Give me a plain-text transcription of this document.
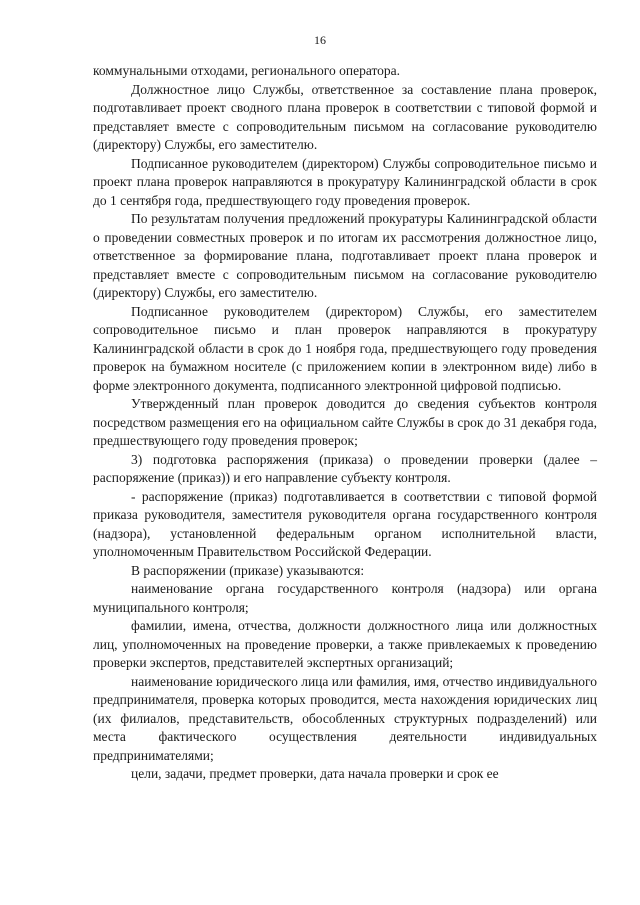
16

коммунальными отходами, регионального оператора.

Должностное лицо Службы, ответственное за составление плана проверок, подготавливает проект сводного плана проверок в соответствии с типовой формой и представляет вместе с сопроводительным письмом на согласование руководителю (директору) Службы, его заместителю.

Подписанное руководителем (директором) Службы сопроводительное письмо и проект плана проверок направляются в прокуратуру Калининградской области в срок до 1 сентября года, предшествующего году проведения проверок.

По результатам получения предложений прокуратуры Калининградской области о проведении совместных проверок и по итогам их рассмотрения должностное лицо, ответственное за формирование плана, подготавливает проект плана проверок и представляет вместе с сопроводительным письмом на согласование руководителю (директору) Службы, его заместителю.

Подписанное руководителем (директором) Службы, его заместителем сопроводительное письмо и план проверок направляются в прокуратуру Калининградской области в срок до 1 ноября года, предшествующего году проведения проверок на бумажном носителе (с приложением копии в электронном виде) либо в форме электронного документа, подписанного электронной цифровой подписью.

Утвержденный план проверок доводится до сведения субъектов контроля посредством размещения его на официальном сайте Службы в срок до 31 декабря года, предшествующего году проведения проверок;

3) подготовка распоряжения (приказа) о проведении проверки (далее – распоряжение (приказ)) и его направление субъекту контроля.

- распоряжение (приказ) подготавливается в соответствии с типовой формой приказа руководителя, заместителя руководителя органа государственного контроля (надзора), установленной федеральным органом исполнительной власти, уполномоченным Правительством Российской Федерации.

В распоряжении (приказе) указываются:

наименование органа государственного контроля (надзора) или органа муниципального контроля;

фамилии, имена, отчества, должности должностного лица или должностных лиц, уполномоченных на проведение проверки, а также привлекаемых к проведению проверки экспертов, представителей экспертных организаций;

наименование юридического лица или фамилия, имя, отчество индивидуального предпринимателя, проверка которых проводится, места нахождения юридических лиц (их филиалов, представительств, обособленных структурных подразделений) или места фактического осуществления деятельности индивидуальных предпринимателями;

цели, задачи, предмет проверки, дата начала проверки и срок ее
